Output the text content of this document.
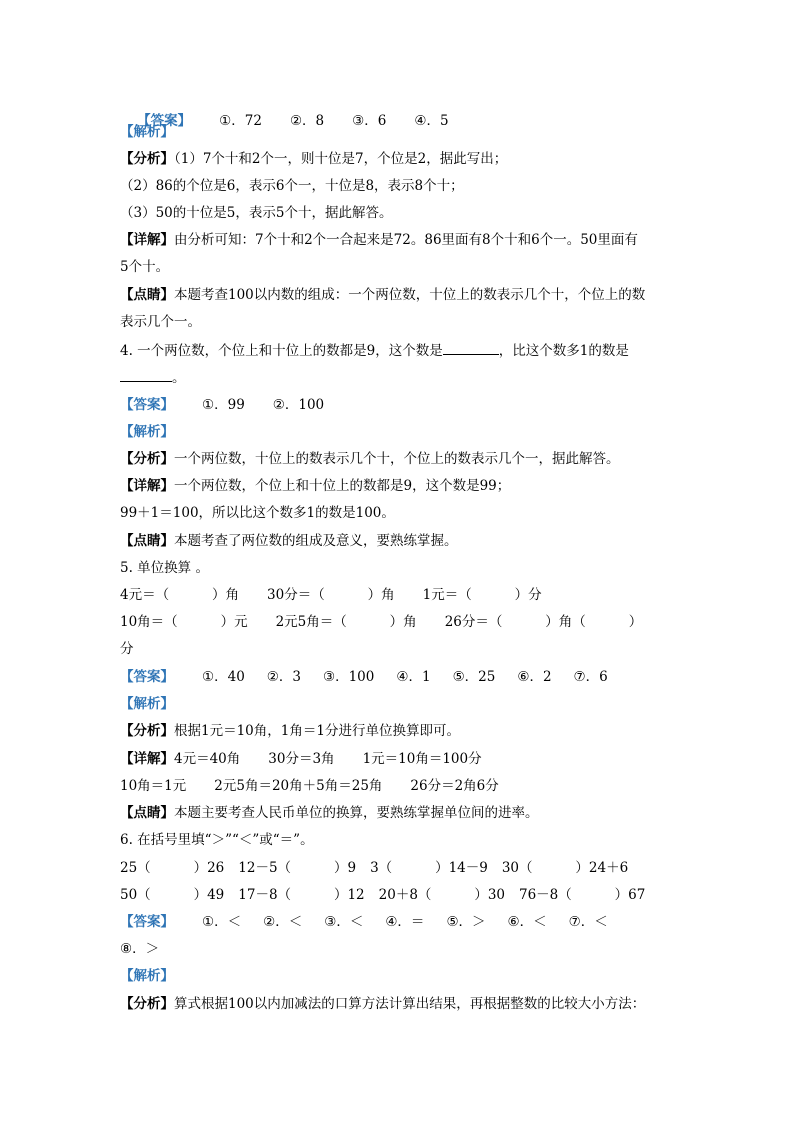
【答案】 ①．72 ②．8 ③．6 ④．5

【解析】
【分析】（1）7个十和2个一，则十位是7，个位是2，据此写出；
（2）86的个位是6，表示6个一，十位是8，表示8个十；
（3）50的十位是5，表示5个十，据此解答。
【详解】由分析可知：7个十和2个一合起来是72。86里面有8个十和6个一。50里面有
5个十。
【点睛】本题考查100以内数的组成：一个两位数，十位上的数表示几个十，个位上的数
表示几个一。
4. 一个两位数，个位上和十位上的数都是9，这个数是	，比这个数多1的数是
。
【答案】 ①．99 ②．100
【解析】
【分析】一个两位数，十位上的数表示几个十，个位上的数表示几个一，据此解答。
【详解】一个两位数，个位上和十位上的数都是9，这个数是99；
99＋1＝100，所以比这个数多1的数是100。
【点睛】本题考查了两位数的组成及意义，要熟练掌握。
5. 单位换算 。
4元＝（          ）角 30分＝（          ）角 1元＝（          ）分
10角＝（          ）元 2元5角＝（          ）角 26分＝（          ）角（          ）
分
【答案】 ①．40 ②．3 ③．100 ④．1 ⑤．25 ⑥．2 ⑦．6
【解析】
【分析】根据1元＝10角，1角＝1分进行单位换算即可。
【详解】4元＝40角 30分＝3角 1元＝10角＝100分
10角＝1元 2元5角＝20角＋5角＝25角 26分＝2角6分
【点睛】本题主要考查人民币单位的换算，要熟练掌握单位间的进率。
6. 在括号里填“＞”“＜”或“＝”。
25（          ）26 12－5（          ）9 3（          ）14－9 30（          ）24＋6
50（          ）49 17－8（          ）12 20＋8（          ）30 76－8（          ）67
【答案】 ①．＜ ②．＜ ③．＜ ④．＝ ⑤．＞ ⑥．＜ ⑦．＜
⑧．＞
【解析】
【分析】算式根据100以内加减法的口算方法计算出结果，再根据整数的比较大小方法：
